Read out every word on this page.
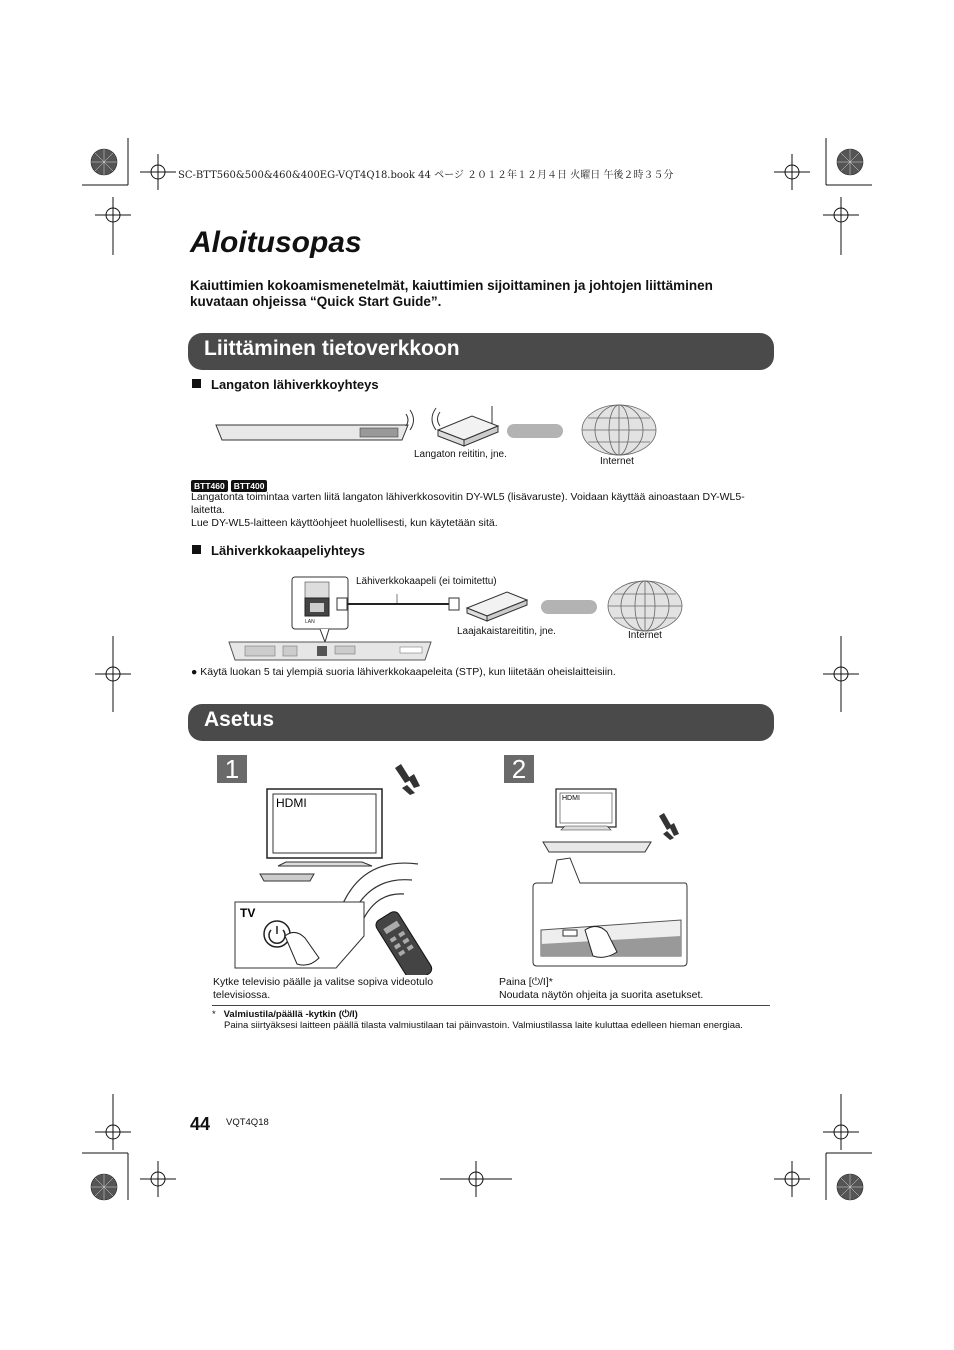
SC-BTT560&500&460&400EG-VQT4Q18.book 44 ページ ２０１２年１２月４日 火曜日 午後２時３５分
Aloitusopas
Kaiuttimien kokoamismenetelmät, kaiuttimien sijoittaminen ja johtojen liittäminen kuvataan ohjeissa “Quick Start Guide”.
Liittäminen tietoverkkoon
Langaton lähiverkkoyhteys
Langaton reititin, jne.
Internet
BTT460 BTT400
Langatonta toimintaa varten liitä langaton lähiverkkosovitin DY-WL5 (lisävaruste). Voidaan käyttää ainoastaan DY-WL5-laitetta.
Lue DY-WL5-laitteen käyttöohjeet huolellisesti, kun käytetään sitä.
Lähiverkkokaapeliyhteys
LAN
Lähiverkkokaapeli (ei toimitettu)
Laajakaistareititin, jne.	Internet
● Käytä luokan 5 tai ylempiä suoria lähiverkkokaapeleita (STP), kun liitetään oheislaitteisiin.
Asetus
1	2
HDMI
TV
HDMI
Kytke televisio päälle ja valitse sopiva videotulo televisiossa.
Paina [⏻/I]*
Noudata näytön ohjeita ja suorita asetukset.
* Valmiustila/päällä -kytkin (⏻/I)
Paina siirtyäksesi laitteen päällä tilasta valmiustilaan tai päinvastoin. Valmiustilassa laite kuluttaa edelleen hieman energiaa.
44 VQT4Q18
